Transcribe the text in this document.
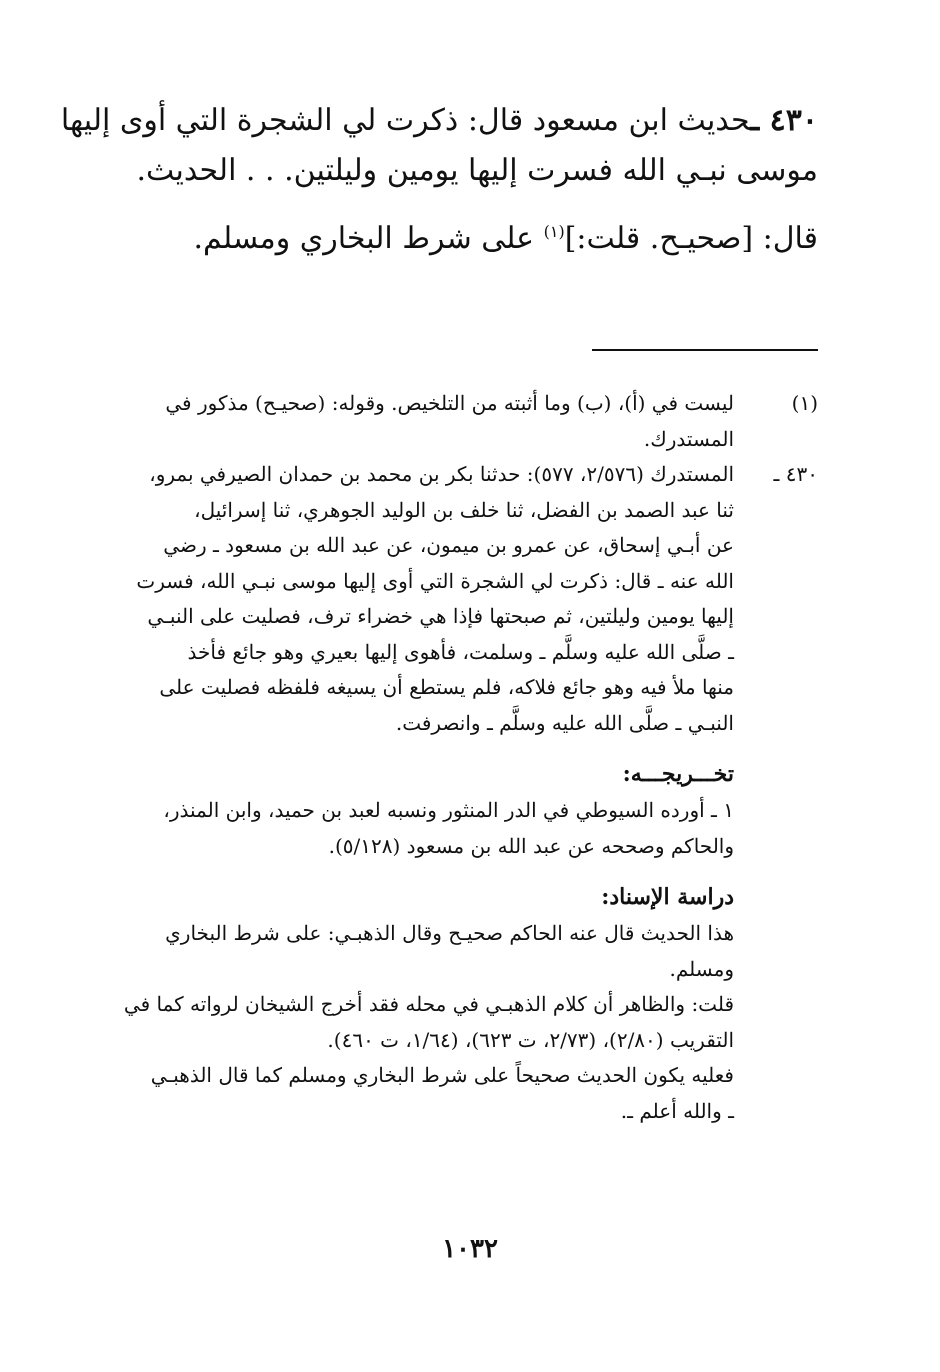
٤٣٠ ـحديث ابن مسعود قال: ذكرت لي الشجرة التي أوى إليها
موسى نبـي الله فسرت إليها يومين وليلتين. . . الحديث.
قال: [صحيـح. قلت:]$^{(١)}$ على شرط البخاري ومسلم.
(١)
ليست في (أ)، (ب) وما أثبته من التلخيص. وقوله: (صحيـح) مذكور في
المستدرك.
٤٣٠ ـ
المستدرك (٢/٥٧٦، ٥٧٧): حدثنا بكر بن محمد بن حمدان الصيرفي بمرو،
ثنا عبد الصمد بن الفضل، ثنا خلف بن الوليد الجوهري، ثنا إسرائيل،
عن أبـي إسحاق، عن عمرو بن ميمون، عن عبد الله بن مسعود ـ رضي
الله عنه ـ قال: ذكرت لي الشجرة التي أوى إليها موسى نبـي الله، فسرت
إليها يومين وليلتين، ثم صبحتها فإذا هي خضراء ترف، فصليت على النبـي
ـ صلَّى الله عليه وسلَّم ـ وسلمت، فأهوى إليها بعيري وهو جائع فأخذ
منها ملأ فيه وهو جائع فلاكه، فلم يستطع أن يسيغه فلفظه فصليت على
النبـي ـ صلَّى الله عليه وسلَّم ـ وانصرفت.
تخـــريجـــه:
١ ـ أورده السيوطي في الدر المنثور ونسبه لعبد بن حميد، وابن المنذر،
والحاكم وصححه عن عبد الله بن مسعود (٥/١٢٨).
دراسة الإسناد:
هذا الحديث قال عنه الحاكم صحيـح وقال الذهبـي: على شرط البخاري
ومسلم.
قلت: والظاهر أن كلام الذهبـي في محله فقد أخرج الشيخان لرواته كما في
التقريب (٢/٨٠)، (٢/٧٣، ت ٦٢٣)، (١/٦٤، ت ٤٦٠).
فعليه يكون الحديث صحيحاً على شرط البخاري ومسلم كما قال الذهبـي
ـ والله أعلم ـ.
١٠٣٢
